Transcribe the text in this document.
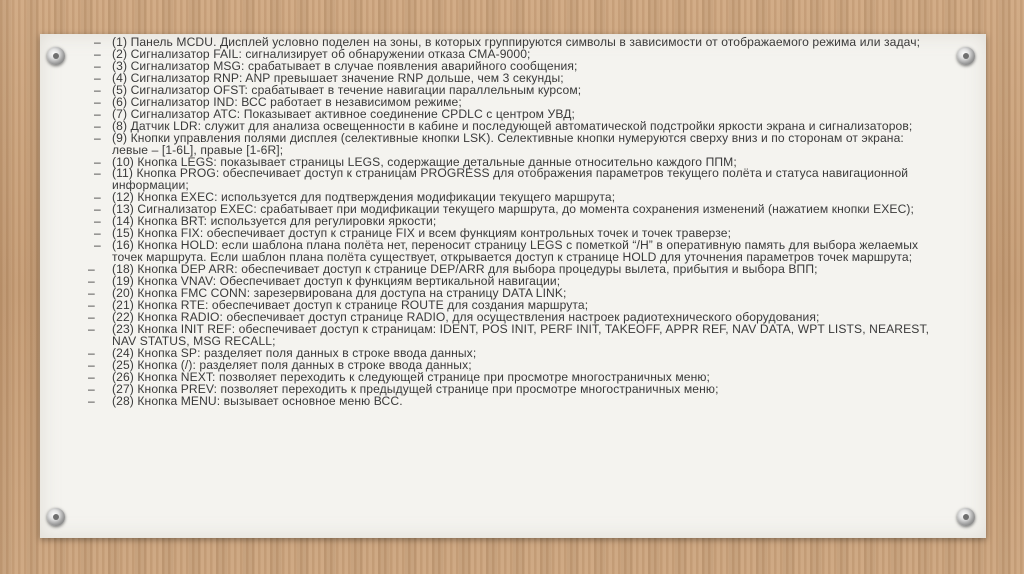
– (1) Панель MCDU. Дисплей условно поделен на зоны, в которых группируются символы в зависимости от отображаемого режима или задач;
– (2) Сигнализатор FAIL: сигнализирует об обнаружении отказа CMA-9000;
– (3) Сигнализатор MSG: срабатывает в случае появления аварийного сообщения;
– (4) Сигнализатор RNP: ANP превышает значение RNP дольше, чем 3 секунды;
– (5) Сигнализатор OFST: срабатывает в течение навигации параллельным курсом;
– (6) Сигнализатор IND: ВСС работает в независимом режиме;
– (7) Сигнализатор ATC: Показывает активное соединение CPDLC с центром УВД;
– (8) Датчик LDR: служит для анализа освещенности в кабине и последующей автоматической подстройки яркости экрана и сигнализаторов;
– (9) Кнопки управления полями дисплея (селективные кнопки LSK). Селективные кнопки нумеруются сверху вниз и по сторонам от экрана: левые – [1-6L], правые [1-6R];
– (10) Кнопка LEGS: показывает страницы LEGS, содержащие детальные данные относительно каждого ППМ;
– (11) Кнопка PROG: обеспечивает доступ к страницам PROGRESS для отображения параметров текущего полёта и статуса навигационной информации;
– (12) Кнопка EXEC: используется для подтверждения модификации текущего маршрута;
– (13) Сигнализатор EXEC: срабатывает при модификации текущего маршрута, до момента сохранения изменений (нажатием кнопки EXEC);
– (14) Кнопка BRT: используется для регулировки яркости;
– (15) Кнопка FIX: обеспечивает доступ к странице FIX и всем функциям контрольных точек и точек траверзе;
– (16) Кнопка HOLD: если шаблона плана полёта нет, переносит страницу LEGS с пометкой “/H” в оперативную память для выбора желаемых точек маршрута. Если шаблон плана полёта существует, открывается доступ к странице HOLD для уточнения параметров точек маршрута;
– (18) Кнопка DEP ARR: обеспечивает доступ к странице DEP/ARR для выбора процедуры вылета, прибытия и выбора ВПП;
– (19) Кнопка VNAV: Обеспечивает доступ к функциям вертикальной навигации;
– (20) Кнопка FMC CONN: зарезервирована для доступа на страницу DATA LINK;
– (21) Кнопка RTE: обеспечивает доступ к странице ROUTE для создания маршрута;
– (22) Кнопка RADIO: обеспечивает доступ странице RADIO, для осуществления настроек радиотехнического оборудования;
– (23) Кнопка INIT REF: обеспечивает доступ к страницам: IDENT, POS INIT, PERF INIT, TAKEOFF, APPR REF, NAV DATA, WPT LISTS, NEAREST, NAV STATUS, MSG RECALL;
– (24) Кнопка SP: разделяет поля данных в строке ввода данных;
– (25) Кнопка (/): разделяет поля данных в строке ввода данных;
– (26) Кнопка NEXT: позволяет переходить к следующей странице при просмотре многостраничных меню;
– (27) Кнопка PREV: позволяет переходить к предыдущей странице при просмотре многостраничных меню;
– (28) Кнопка MENU: вызывает основное меню ВСС.
